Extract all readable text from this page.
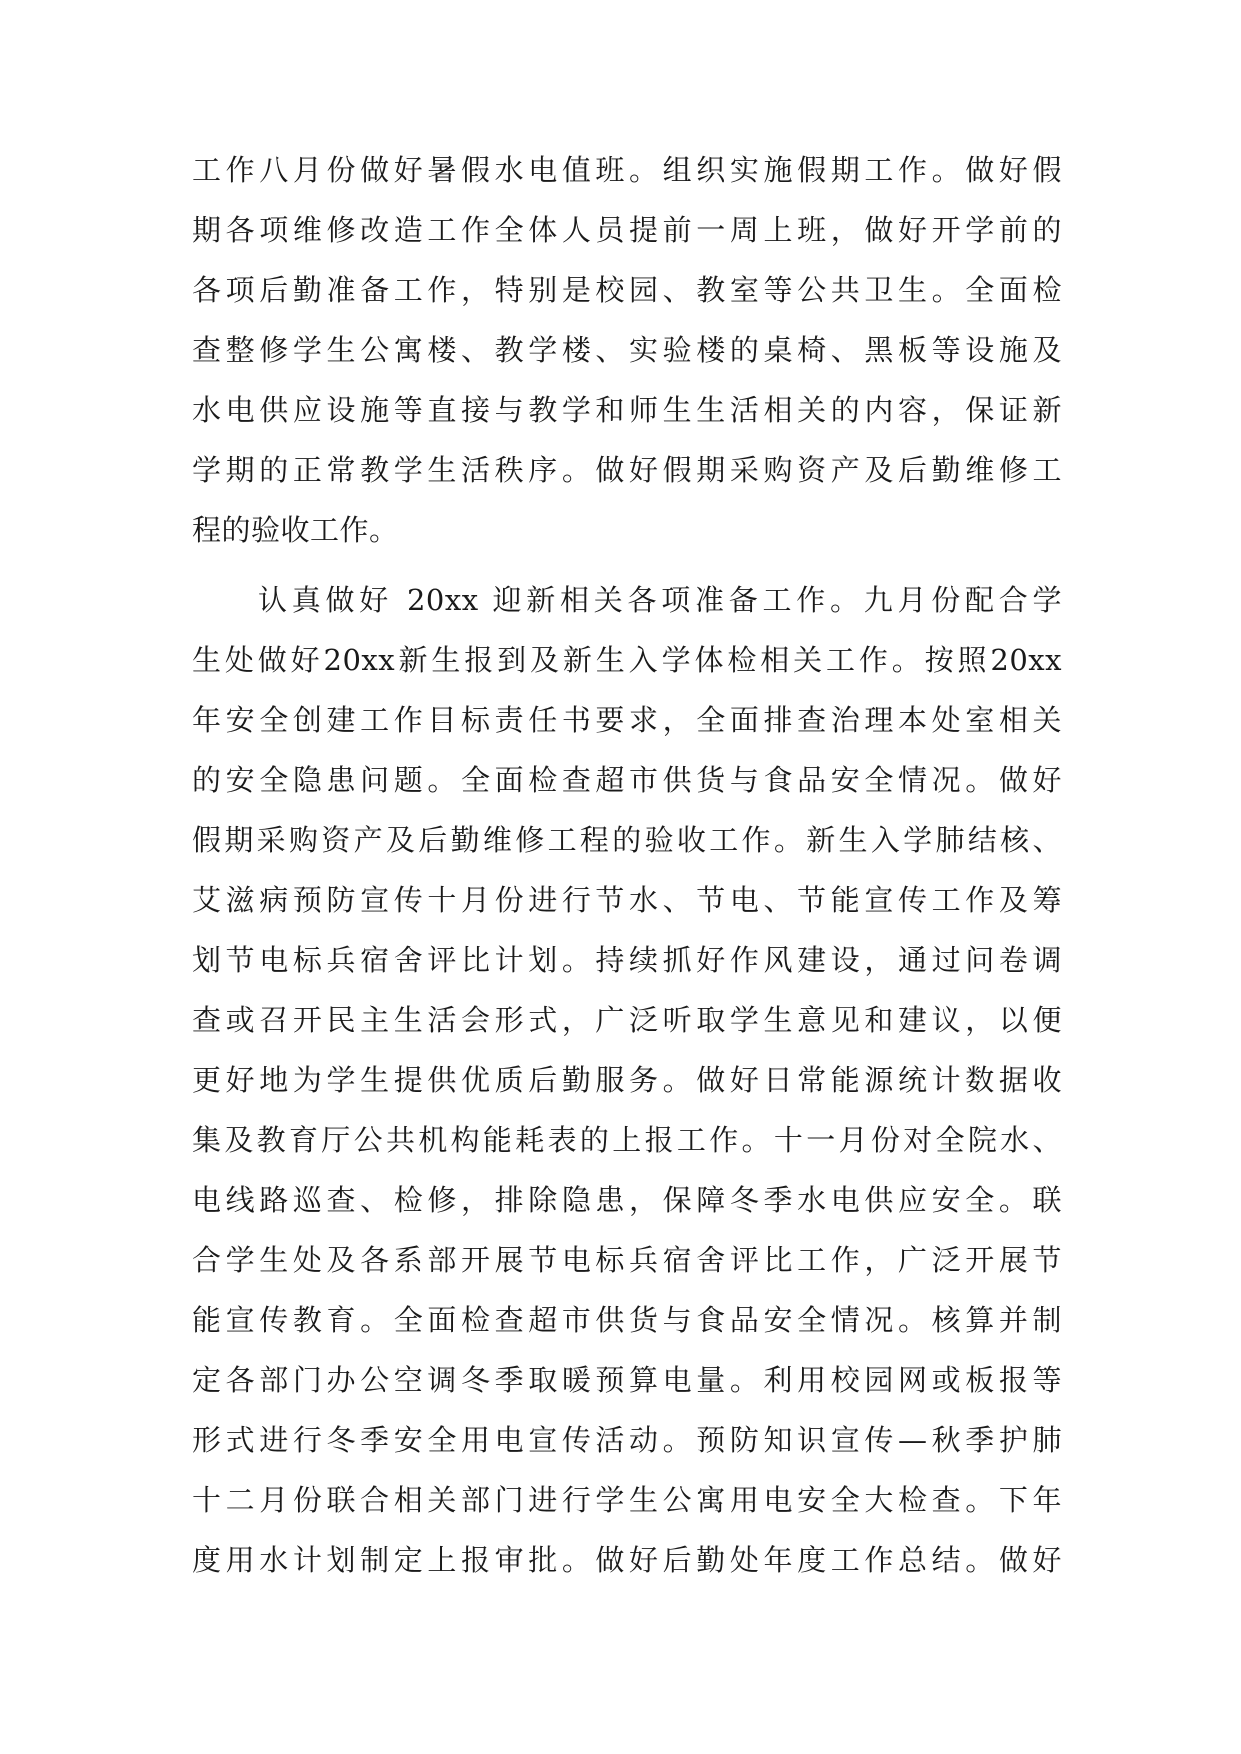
工作八月份做好暑假水电值班。组织实施假期工作。做好假
期各项维修改造工作全体人员提前一周上班，做好开学前的
各项后勤准备工作，特别是校园、教室等公共卫生。全面检
查整修学生公寓楼、教学楼、实验楼的桌椅、黑板等设施及
水电供应设施等直接与教学和师生生活相关的内容，保证新
学期的正常教学生活秩序。做好假期采购资产及后勤维修工
程的验收工作。
认真做好 20xx 迎新相关各项准备工作。九月份配合学
生处做好20xx新生报到及新生入学体检相关工作。按照20xx
年安全创建工作目标责任书要求，全面排查治理本处室相关
的安全隐患问题。全面检查超市供货与食品安全情况。做好
假期采购资产及后勤维修工程的验收工作。新生入学肺结核、
艾滋病预防宣传十月份进行节水、节电、节能宣传工作及筹
划节电标兵宿舍评比计划。持续抓好作风建设，通过问卷调
查或召开民主生活会形式，广泛听取学生意见和建议，以便
更好地为学生提供优质后勤服务。做好日常能源统计数据收
集及教育厅公共机构能耗表的上报工作。十一月份对全院水、
电线路巡查、检修，排除隐患，保障冬季水电供应安全。联
合学生处及各系部开展节电标兵宿舍评比工作，广泛开展节
能宣传教育。全面检查超市供货与食品安全情况。核算并制
定各部门办公空调冬季取暖预算电量。利用校园网或板报等
形式进行冬季安全用电宣传活动。预防知识宣传—秋季护肺
十二月份联合相关部门进行学生公寓用电安全大检查。下年
度用水计划制定上报审批。做好后勤处年度工作总结。做好
